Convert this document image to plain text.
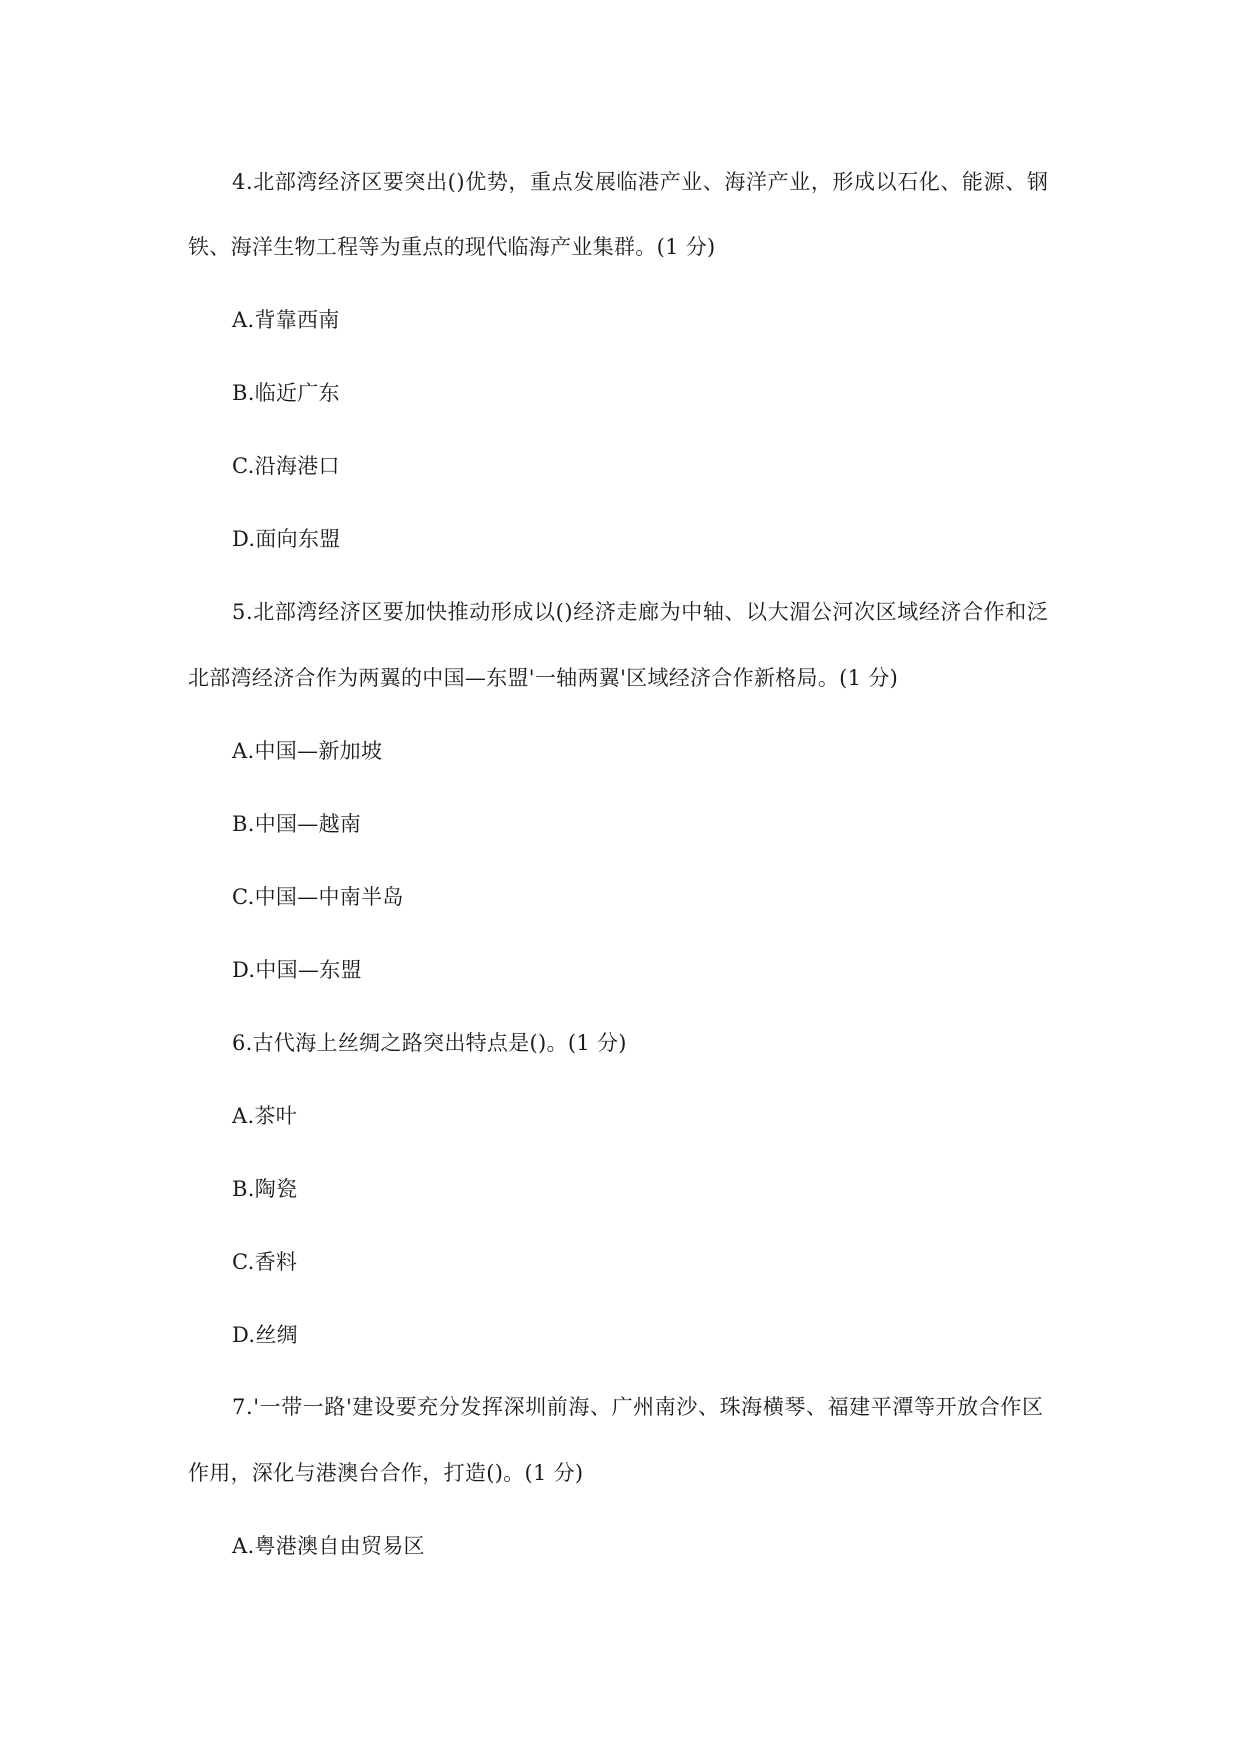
4.北部湾经济区要突出()优势，重点发展临港产业、海洋产业，形成以石化、能源、钢
铁、海洋生物工程等为重点的现代临海产业集群。(1 分)
A.背靠西南
B.临近广东
C.沿海港口
D.面向东盟
5.北部湾经济区要加快推动形成以()经济走廊为中轴、以大湄公河次区域经济合作和泛
北部湾经济合作为两翼的中国—东盟'一轴两翼'区域经济合作新格局。(1 分)
A.中国—新加坡
B.中国—越南
C.中国—中南半岛
D.中国—东盟
6.古代海上丝绸之路突出特点是()。(1 分)
A.茶叶
B.陶瓷
C.香料
D.丝绸
7.'一带一路'建设要充分发挥深圳前海、广州南沙、珠海横琴、福建平潭等开放合作区
作用，深化与港澳台合作，打造()。(1 分)
A.粤港澳自由贸易区
